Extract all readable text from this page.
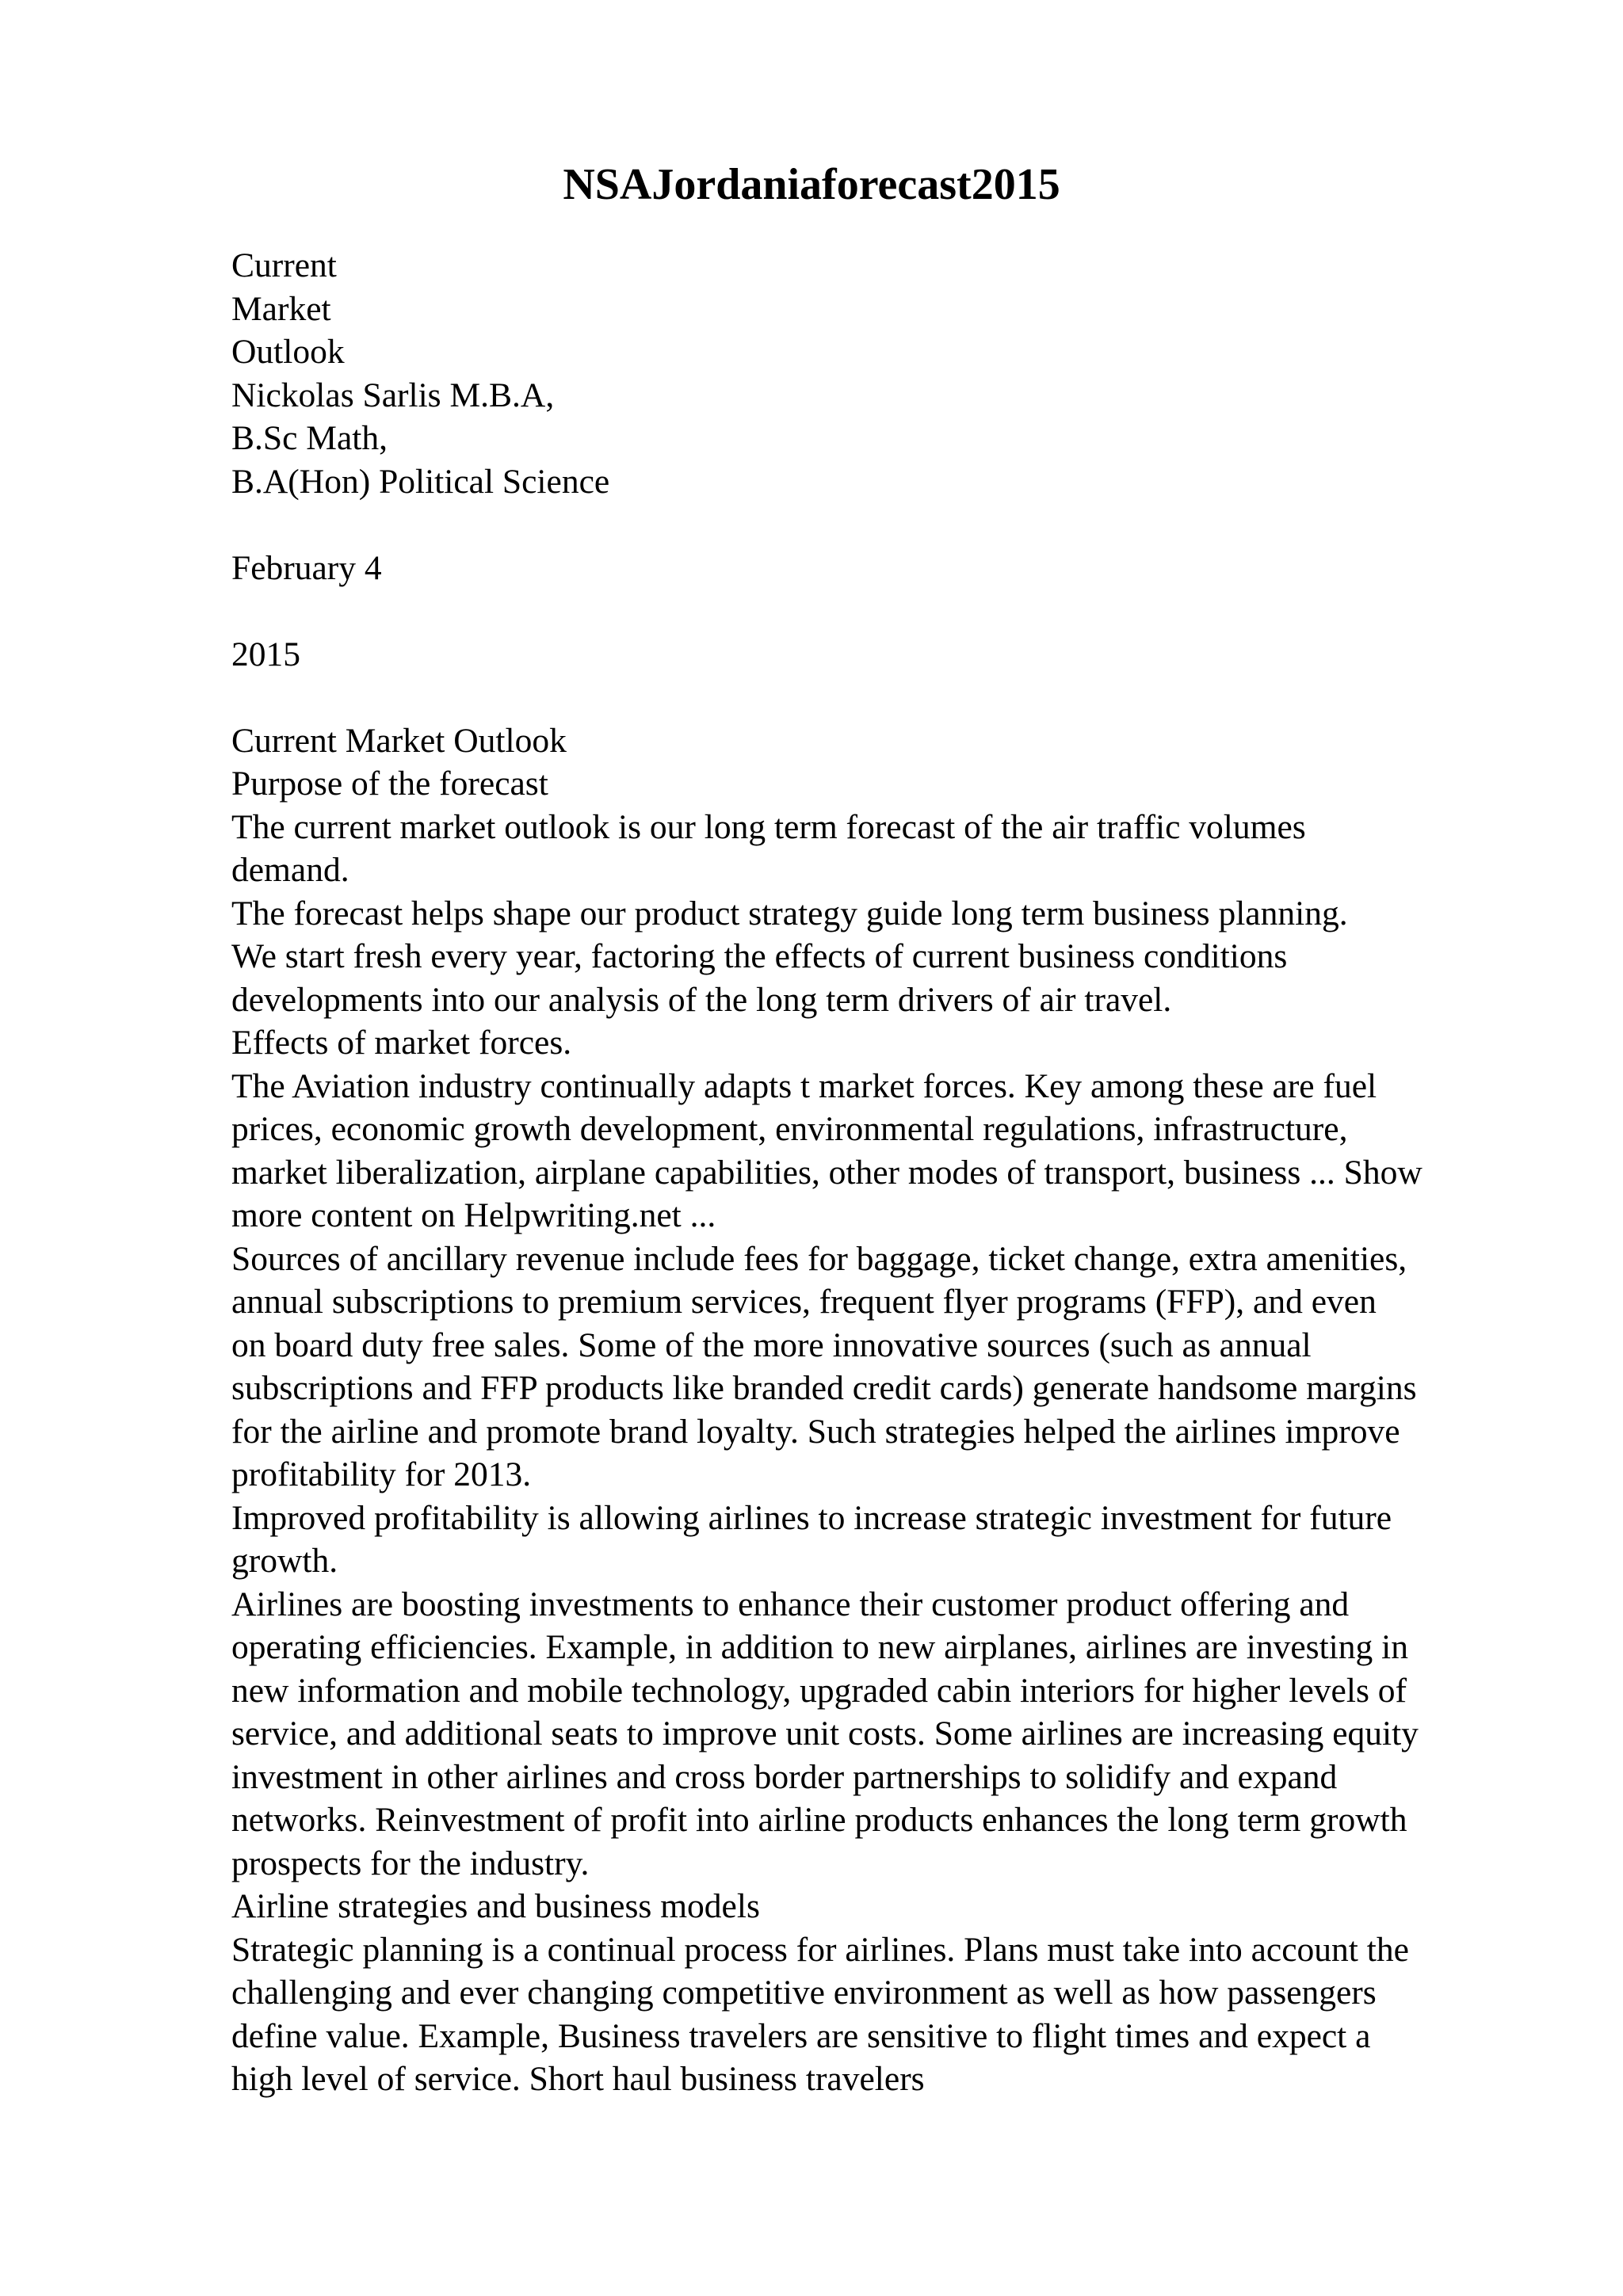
NSAJordaniaforecast2015
Current
Market
Outlook
Nickolas Sarlis M.B.A,
B.Sc Math,
B.A(Hon) Political Science
February 4
2015
Current Market Outlook
Purpose of the forecast
The current market outlook is our long term forecast of the air traffic volumes
demand.
The forecast helps shape our product strategy guide long term business planning.
We start fresh every year, factoring the effects of current business conditions
developments into our analysis of the long term drivers of air travel.
Effects of market forces.
The Aviation industry continually adapts t market forces. Key among these are fuel
prices, economic growth development, environmental regulations, infrastructure,
market liberalization, airplane capabilities, other modes of transport, business ... Show
more content on Helpwriting.net ...
Sources of ancillary revenue include fees for baggage, ticket change, extra amenities,
annual subscriptions to premium services, frequent flyer programs (FFP), and even
on board duty free sales. Some of the more innovative sources (such as annual
subscriptions and FFP products like branded credit cards) generate handsome margins
for the airline and promote brand loyalty. Such strategies helped the airlines improve
profitability for 2013.
Improved profitability is allowing airlines to increase strategic investment for future
growth.
Airlines are boosting investments to enhance their customer product offering and
operating efficiencies. Example, in addition to new airplanes, airlines are investing in
new information and mobile technology, upgraded cabin interiors for higher levels of
service, and additional seats to improve unit costs. Some airlines are increasing equity
investment in other airlines and cross border partnerships to solidify and expand
networks. Reinvestment of profit into airline products enhances the long term growth
prospects for the industry.
Airline strategies and business models
Strategic planning is a continual process for airlines. Plans must take into account the
challenging and ever changing competitive environment as well as how passengers
define value. Example, Business travelers are sensitive to flight times and expect a
high level of service. Short haul business travelers
